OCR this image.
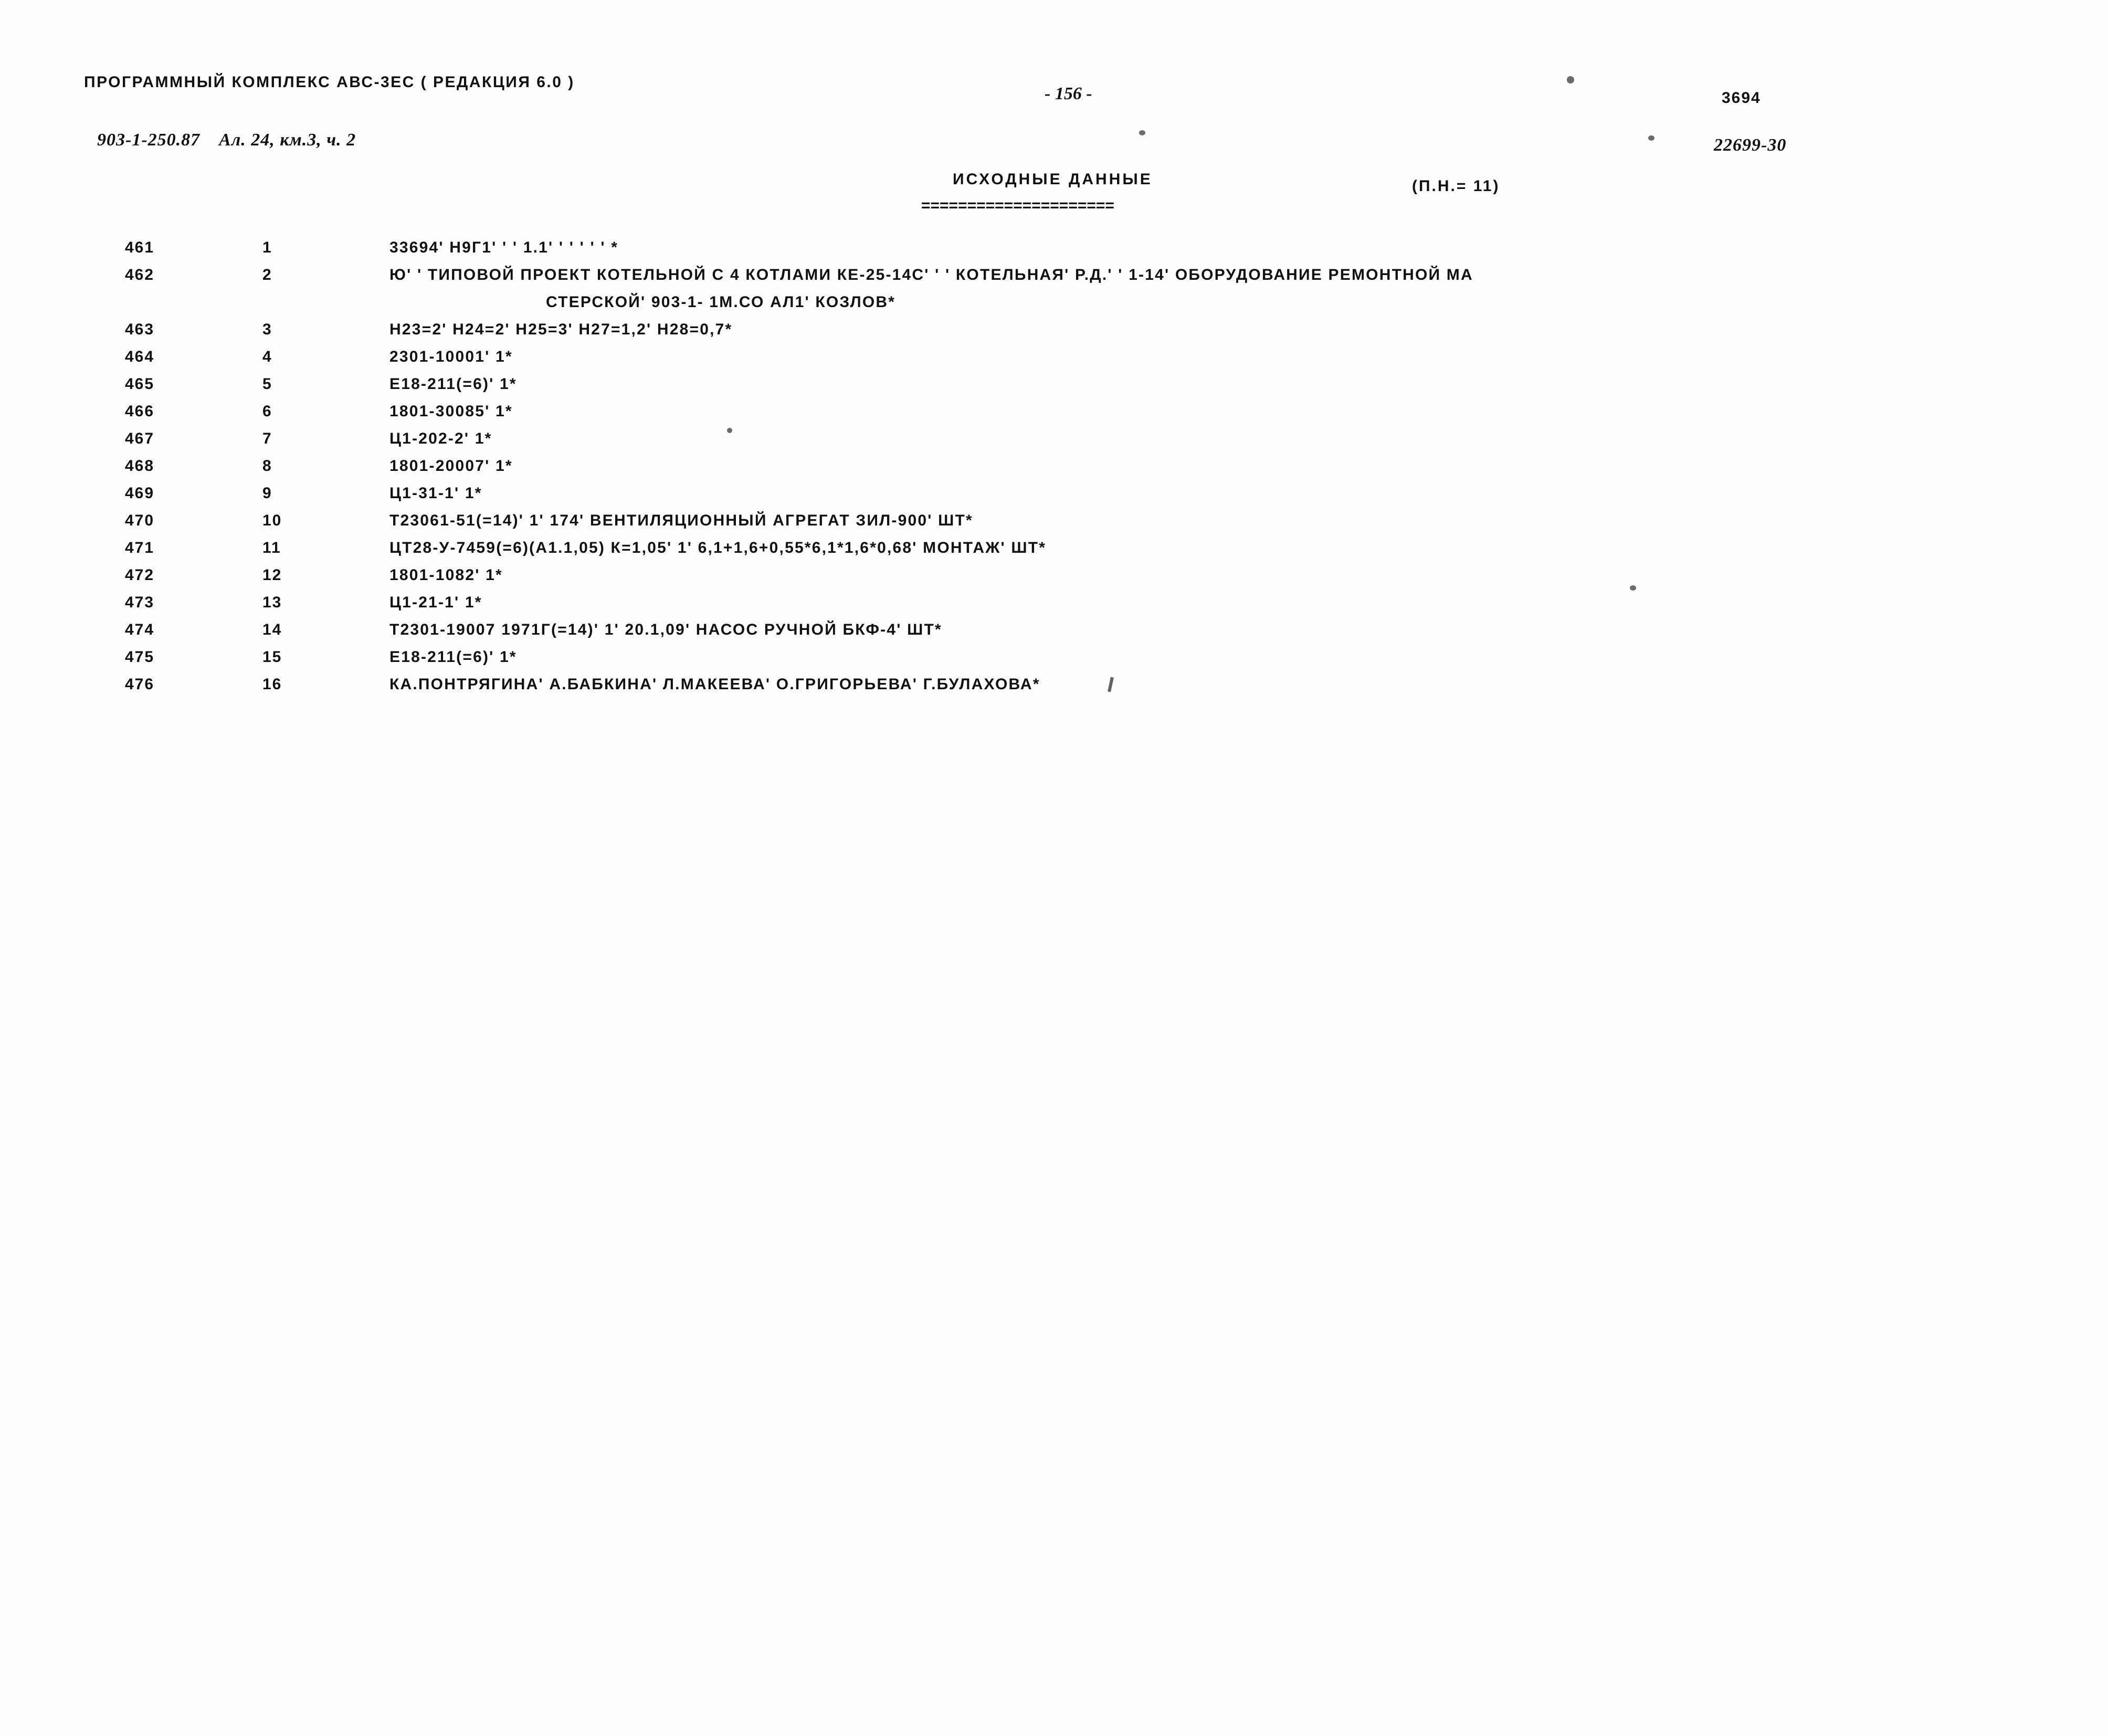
ПРОГРАММНЫЙ КОМПЛЕКС АВС-3ЕС ( РЕДАКЦИЯ 6.0 )
903-1-250.87 Ал. 24, км.3, ч. 2
- 156 -	3694
22699-30
ИСХОДНЫЕ ДАННЫЕ
=====================
(П.Н.= 11)
461	1	33694' Н9Г1' ' ' 1.1' ' ' ' ' ' *
462	2	Ю' ' ТИПОВОЙ ПРОЕКТ КОТЕЛЬНОЙ С 4 КОТЛАМИ КЕ-25-14С' ' ' КОТЕЛЬНАЯ' Р.Д.' ' 1-14' ОБОРУДОВАНИЕ РЕМОНТНОЙ МА
СТЕРСКОЙ' 903-1- 1М.СО АЛ1' КОЗЛОВ*
463	3	Н23=2' Н24=2' Н25=3' Н27=1,2' Н28=0,7*
464	4	2301-10001' 1*
465	5	Е18-211(=6)' 1*
466	6	1801-30085' 1*
467	7	Ц1-202-2' 1*
468	8	1801-20007' 1*
469	9	Ц1-31-1' 1*
470	10	Т23061-51(=14)' 1' 174' ВЕНТИЛЯЦИОННЫЙ АГРЕГАТ ЗИЛ-900' ШТ*
471	11	ЦТ28-У-7459(=6)(А1.1,05) К=1,05' 1' 6,1+1,6+0,55*6,1*1,6*0,68' МОНТАЖ' ШТ*
472	12	1801-1082' 1*
473	13	Ц1-21-1' 1*
474	14	Т2301-19007 1971Г(=14)' 1' 20.1,09' НАСОС РУЧНОЙ БКФ-4' ШТ*
475	15	Е18-211(=6)' 1*
476	16	КА.ПОНТРЯГИНА' А.БАБКИНА' Л.МАКЕЕВА' О.ГРИГОРЬЕВА' Г.БУЛАХОВА*
